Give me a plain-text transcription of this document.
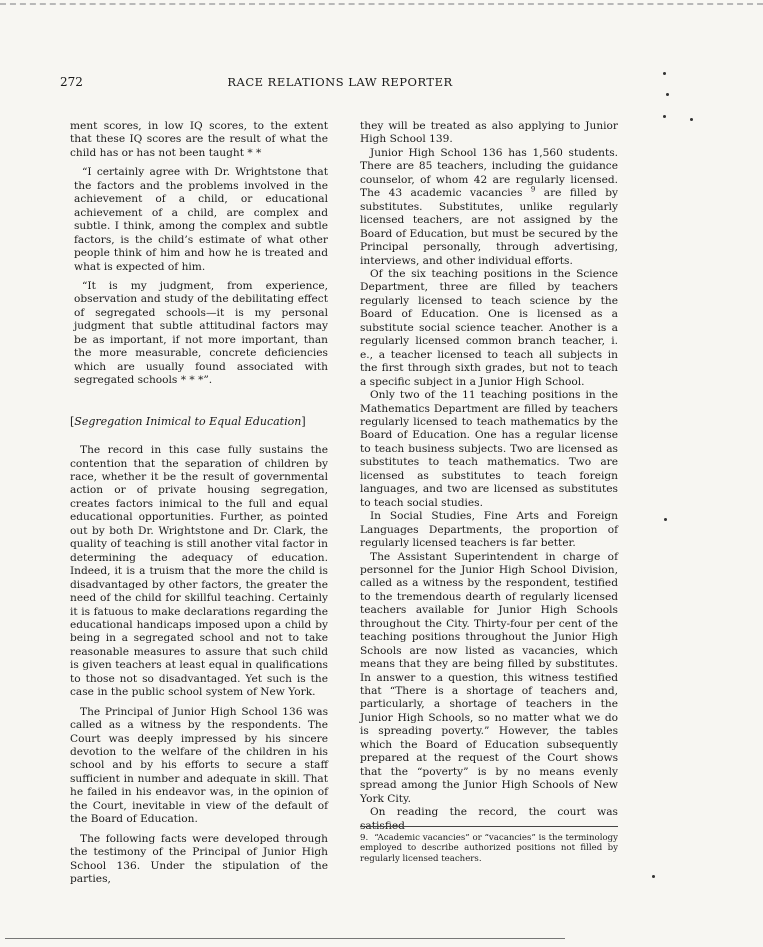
272	RACE RELATIONS LAW REPORTER

ment scores, in low IQ scores, to the extent that these IQ scores are the result of what the child has or has not been taught * *

“I certainly agree with Dr. Wrightstone that the factors and the problems involved in the achievement of a child, or educational achievement of a child, are complex and subtle. I think, among the complex and subtle factors, is the child’s estimate of what other people think of him and how he is treated and what is expected of him.

“It is my judgment, from experience, observation and study of the debilitating effect of segregated schools—it is my personal judgment that subtle attitudinal factors may be as important, if not more important, than the more measurable, concrete deficiencies which are usually found associated with segregated schools * * *”.

[Segregation Inimical to Equal Education]

The record in this case fully sustains the contention that the separation of children by race, whether it be the result of governmental action or of private housing segregation, creates factors inimical to the full and equal educational opportunities. Further, as pointed out by both Dr. Wrightstone and Dr. Clark, the quality of teaching is still another vital factor in determining the adequacy of education. Indeed, it is a truism that the more the child is disadvantaged by other factors, the greater the need of the child for skillful teaching. Certainly it is fatuous to make declarations regarding the educational handicaps imposed upon a child by being in a segregated school and not to take reasonable measures to assure that such child is given teachers at least equal in qualifications to those not so disadvantaged. Yet such is the case in the public school system of New York.

The Principal of Junior High School 136 was called as a witness by the respondents. The Court was deeply impressed by his sincere devotion to the welfare of the children in his school and by his efforts to secure a staff sufficient in number and adequate in skill. That he failed in his endeavor was, in the opinion of the Court, inevitable in view of the default of the Board of Education.

The following facts were developed through the testimony of the Principal of Junior High School 136. Under the stipulation of the parties,

they will be treated as also applying to Junior High School 139.

Junior High School 136 has 1,560 students. There are 85 teachers, including the guidance counselor, of whom 42 are regularly licensed. The 43 academic vacancies $^9$ are filled by substitutes. Substitutes, unlike regularly licensed teachers, are not assigned by the Board of Education, but must be secured by the Principal personally, through advertising, interviews, and other individual efforts.

Of the six teaching positions in the Science Department, three are filled by teachers regularly licensed to teach science by the Board of Education. One is licensed as a substitute social science teacher. Another is a regularly licensed common branch teacher, i. e., a teacher licensed to teach all subjects in the first through sixth grades, but not to teach a specific subject in a Junior High School.

Only two of the 11 teaching positions in the Mathematics Department are filled by teachers regularly licensed to teach mathematics by the Board of Education. One has a regular license to teach business subjects. Two are licensed as substitutes to teach mathematics. Two are licensed as substitutes to teach foreign languages, and two are licensed as substitutes to teach social studies.

In Social Studies, Fine Arts and Foreign Languages Departments, the proportion of regularly licensed teachers is far better.

The Assistant Superintendent in charge of personnel for the Junior High School Division, called as a witness by the respondent, testified to the tremendous dearth of regularly licensed teachers available for Junior High Schools throughout the City. Thirty-four per cent of the teaching positions throughout the Junior High Schools are now listed as vacancies, which means that they are being filled by substitutes. In answer to a question, this witness testified that “There is a shortage of teachers and, particularly, a shortage of teachers in the Junior High Schools, so no matter what we do is spreading poverty.” However, the tables which the Board of Education subsequently prepared at the request of the Court shows that the “poverty” is by no means evenly spread among the Junior High Schools of New York City.

On reading the record, the court was satisfied

9. “Academic vacancies” or “vacancies” is the terminology employed to describe authorized positions not filled by regularly licensed teachers.
